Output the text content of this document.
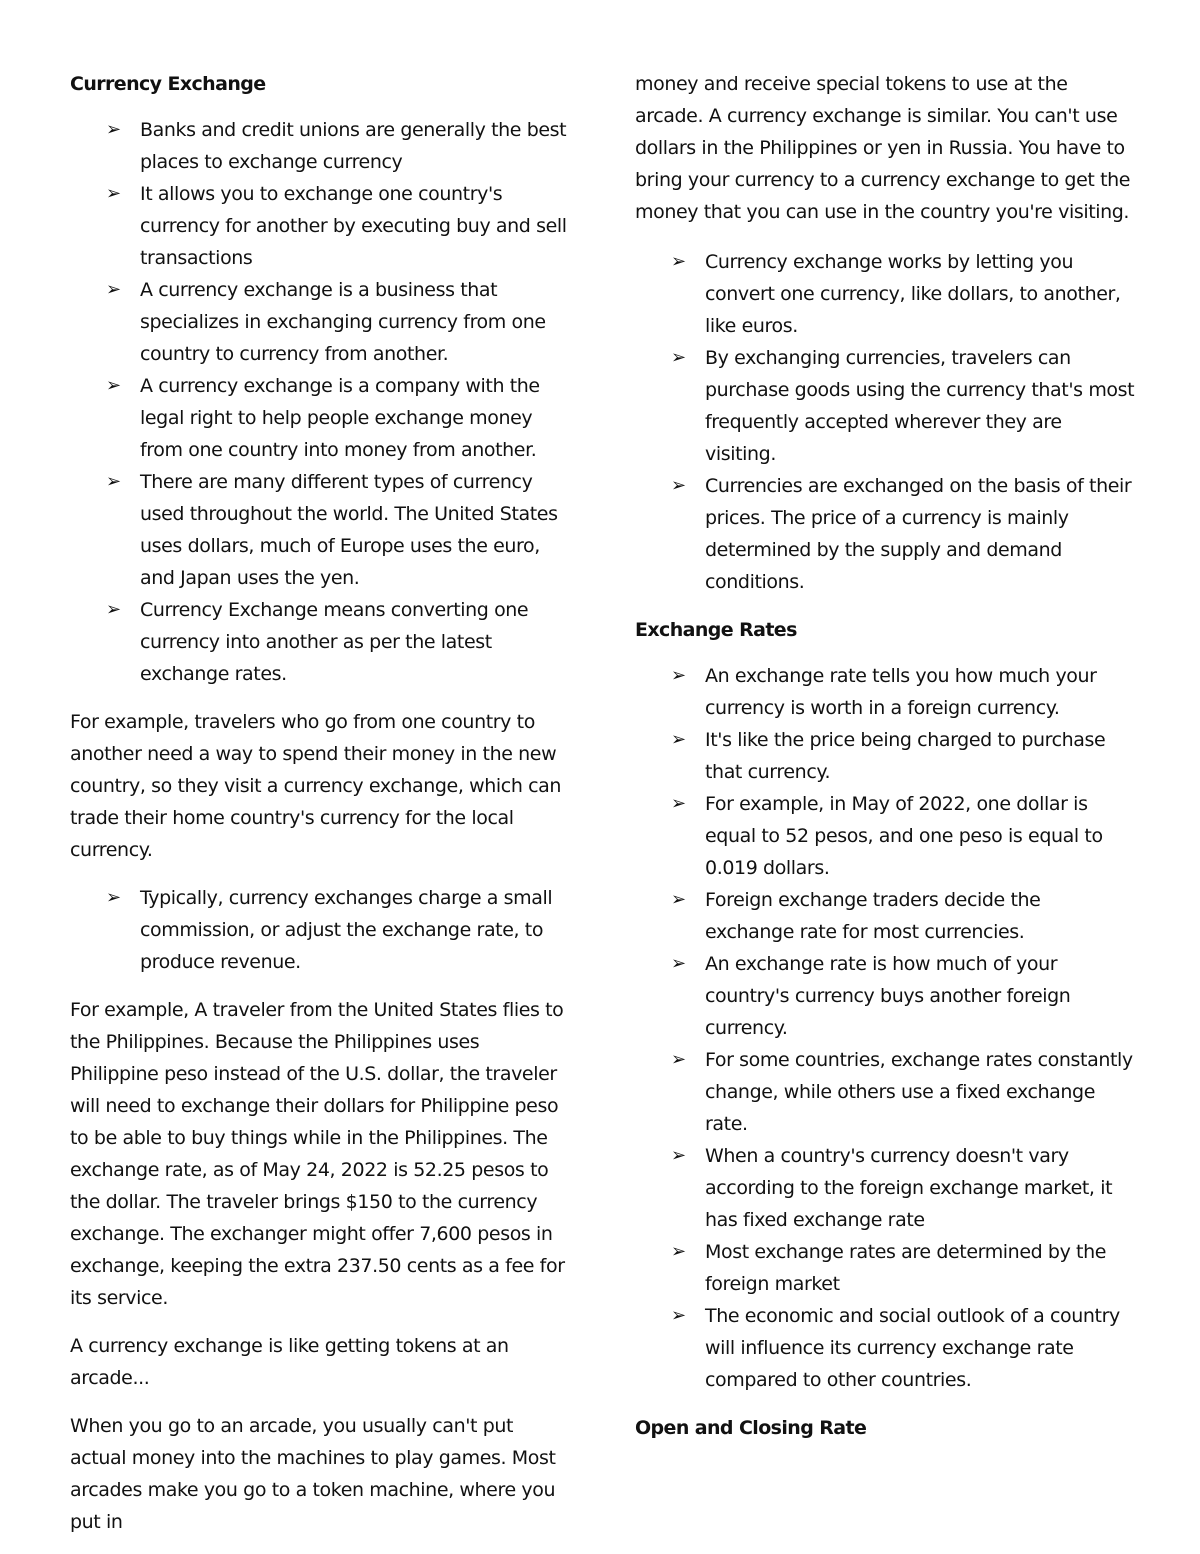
Currency Exchange
➢ Banks and credit unions are generally the best places to exchange currency
➢ It allows you to exchange one country's currency for another by executing buy and sell transactions
➢ A currency exchange is a business that specializes in exchanging currency from one country to currency from another.
➢ A currency exchange is a company with the legal right to help people exchange money from one country into money from another.
➢ There are many different types of currency used throughout the world. The United States uses dollars, much of Europe uses the euro, and Japan uses the yen.
➢ Currency Exchange means converting one currency into another as per the latest exchange rates.

For example, travelers who go from one country to another need a way to spend their money in the new country, so they visit a currency exchange, which can trade their home country's currency for the local currency.

➢ Typically, currency exchanges charge a small commission, or adjust the exchange rate, to produce revenue.

For example, A traveler from the United States flies to the Philippines. Because the Philippines uses Philippine peso instead of the U.S. dollar, the traveler will need to exchange their dollars for Philippine peso to be able to buy things while in the Philippines. The exchange rate, as of May 24, 2022 is 52.25 pesos to the dollar. The traveler brings $150 to the currency exchange. The exchanger might offer 7,600 pesos in exchange, keeping the extra 237.50 cents as a fee for its service.

A currency exchange is like getting tokens at an arcade...

When you go to an arcade, you usually can't put actual money into the machines to play games. Most arcades make you go to a token machine, where you put in

money and receive special tokens to use at the arcade. A currency exchange is similar. You can't use dollars in the Philippines or yen in Russia. You have to bring your currency to a currency exchange to get the money that you can use in the country you're visiting.

➢ Currency exchange works by letting you convert one currency, like dollars, to another, like euros.
➢ By exchanging currencies, travelers can purchase goods using the currency that's most frequently accepted wherever they are visiting.
➢ Currencies are exchanged on the basis of their prices. The price of a currency is mainly determined by the supply and demand conditions.
Exchange Rates
➢ An exchange rate tells you how much your currency is worth in a foreign currency.
➢ It's like the price being charged to purchase that currency.
➢ For example, in May of 2022, one dollar is equal to 52 pesos, and one peso is equal to 0.019 dollars.
➢ Foreign exchange traders decide the exchange rate for most currencies.
➢ An exchange rate is how much of your country's currency buys another foreign currency.
➢ For some countries, exchange rates constantly change, while others use a fixed exchange rate.
➢ When a country's currency doesn't vary according to the foreign exchange market, it has fixed exchange rate
➢ Most exchange rates are determined by the foreign market
➢ The economic and social outlook of a country will influence its currency exchange rate compared to other countries.
Open and Closing Rate
